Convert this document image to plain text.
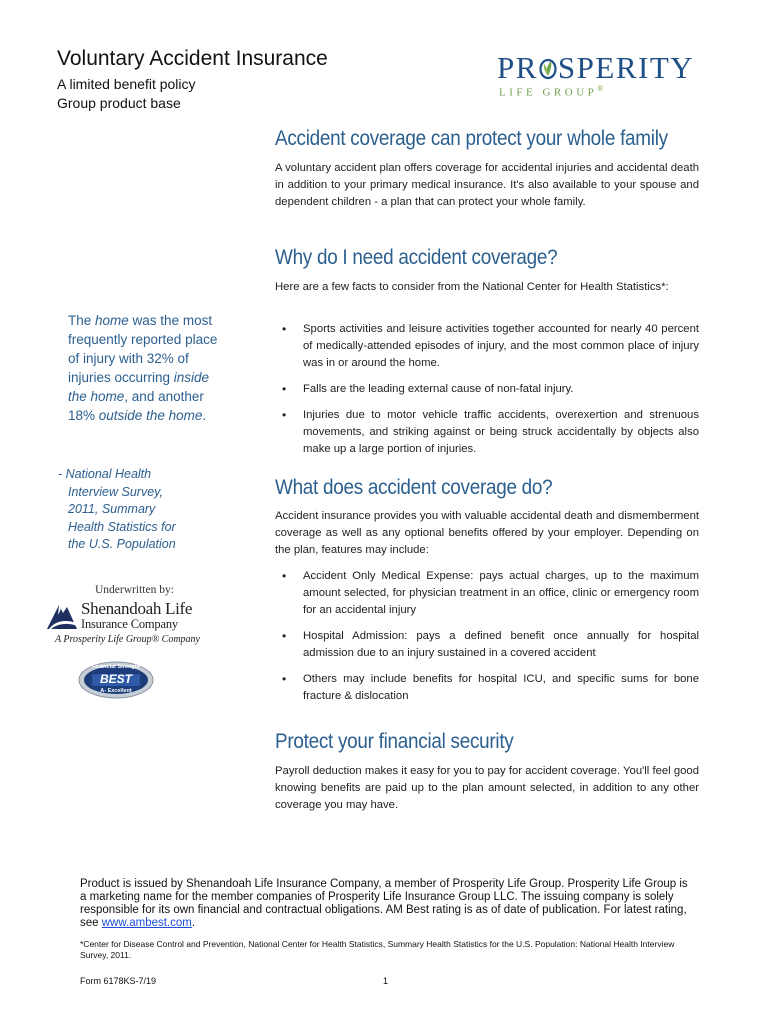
Voluntary Accident Insurance
A limited benefit policy
Group product base
PR SPERITY
LIFE GROUP®
Accident coverage can protect your whole family

A voluntary accident plan offers coverage for accidental injuries and accidental death in addition to your primary medical insurance. It's also available to your spouse and dependent children - a plan that can protect your whole family.

Why do I need accident coverage?

Here are a few facts to consider from the National Center for Health Statistics*:

• Sports activities and leisure activities together accounted for nearly 40 percent of medically-attended episodes of injury, and the most common place of injury was in or around the home.
• Falls are the leading external cause of non-fatal injury.
• Injuries due to motor vehicle traffic accidents, overexertion and strenuous movements, and striking against or being struck accidentally by objects also make up a large portion of injuries.
What does accident coverage do?

Accident insurance provides you with valuable accidental death and dismemberment coverage as well as any optional benefits offered by your employer. Depending on the plan, features may include:

• Accident Only Medical Expense: pays actual charges, up to the maximum amount selected, for physician treatment in an office, clinic or emergency room for an accidental injury
• Hospital Admission: pays a defined benefit once annually for hospital admission due to an injury sustained in a covered accident
• Others may include benefits for hospital ICU, and specific sums for bone fracture & dislocation
Protect your financial security

Payroll deduction makes it easy for you to pay for accident coverage. You'll feel good knowing benefits are paid up to the plan amount selected, in addition to any other coverage you may have.

The home was the most frequently reported place of injury with 32% of injuries occurring inside the home, and another 18% outside the home.
- National Health
Interview Survey,
2011, Summary
Health Statistics for
the U.S. Population
Underwritten by:
Shenandoah Life
Insurance Company
A Prosperity Life Group® Company
Financial Strength
BEST
A- Excellent

Product is issued by Shenandoah Life Insurance Company, a member of Prosperity Life Group. Prosperity Life Group is a marketing name for the member companies of Prosperity Life Insurance Group LLC. The issuing company is solely responsible for its own financial and contractual obligations. AM Best rating is as of date of publication. For latest rating, see www.ambest.com.

*Center for Disease Control and Prevention, National Center for Health Statistics, Summary Health Statistics for the U.S. Population: National Health Interview Survey, 2011.

Form 6178KS-7/19	1
